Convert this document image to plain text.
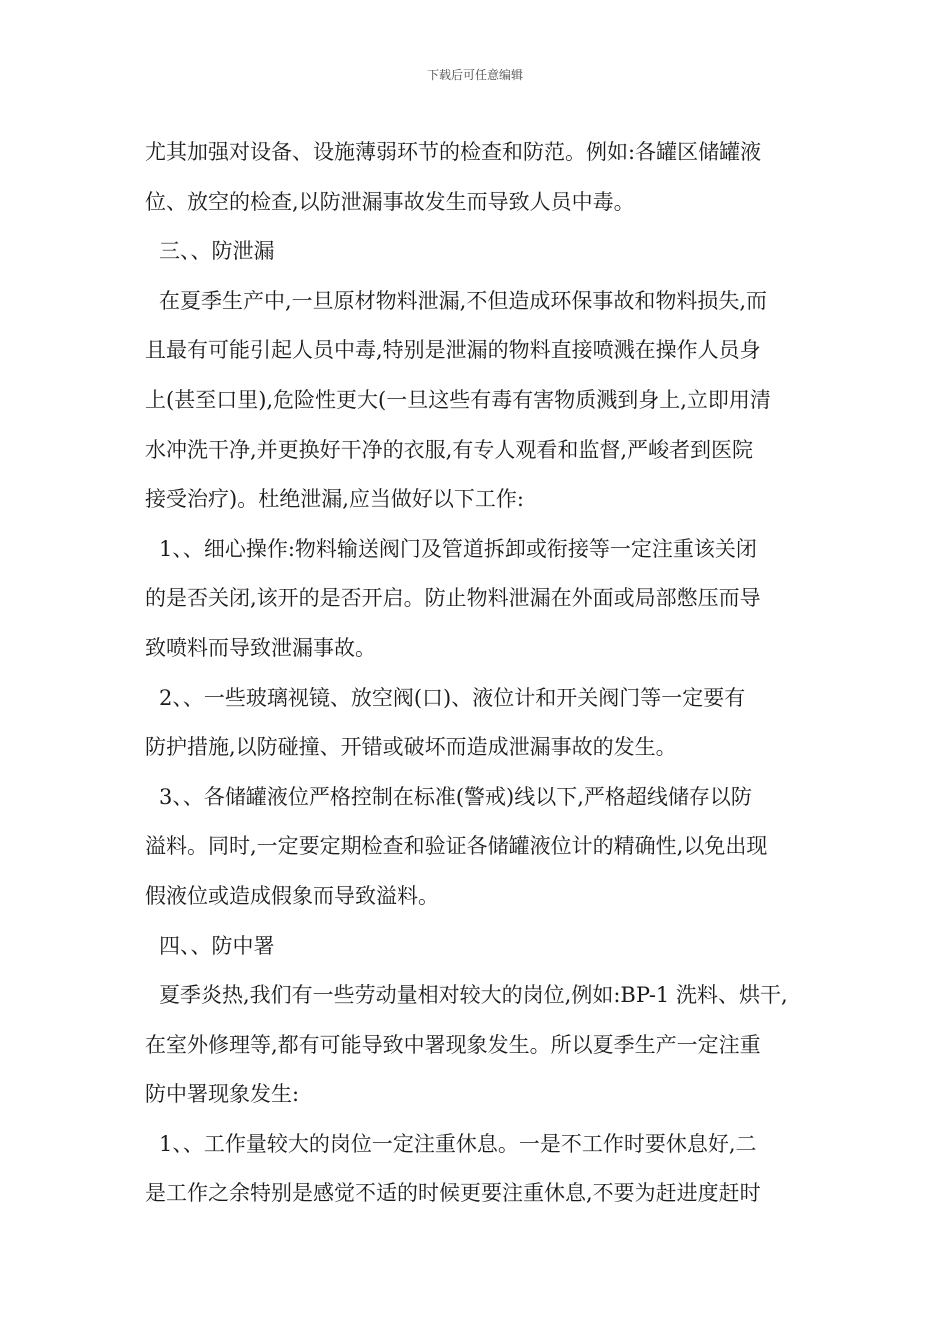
下载后可任意编辑
尤其加强对设备、设施薄弱环节的检查和防范。例如:各罐区储罐液
位、放空的检查,以防泄漏事故发生而导致人员中毒。
三、、防泄漏
在夏季生产中,一旦原材物料泄漏,不但造成环保事故和物料损失,而
且最有可能引起人员中毒,特别是泄漏的物料直接喷溅在操作人员身
上(甚至口里),危险性更大(一旦这些有毒有害物质溅到身上,立即用清
水冲洗干净,并更换好干净的衣服,有专人观看和监督,严峻者到医院
接受治疗)。杜绝泄漏,应当做好以下工作:
1、、细心操作:物料输送阀门及管道拆卸或衔接等一定注重该关闭
的是否关闭,该开的是否开启。防止物料泄漏在外面或局部憋压而导
致喷料而导致泄漏事故。
2、、一些玻璃视镜、放空阀(口)、液位计和开关阀门等一定要有
防护措施,以防碰撞、开错或破坏而造成泄漏事故的发生。
3、、各储罐液位严格控制在标准(警戒)线以下,严格超线储存以防
溢料。同时,一定要定期检查和验证各储罐液位计的精确性,以免出现
假液位或造成假象而导致溢料。
四、、防中署
夏季炎热,我们有一些劳动量相对较大的岗位,例如:BP-1 洗料、烘干,
在室外修理等,都有可能导致中署现象发生。所以夏季生产一定注重
防中署现象发生:
1、、工作量较大的岗位一定注重休息。一是不工作时要休息好,二
是工作之余特别是感觉不适的时候更要注重休息,不要为赶进度赶时
